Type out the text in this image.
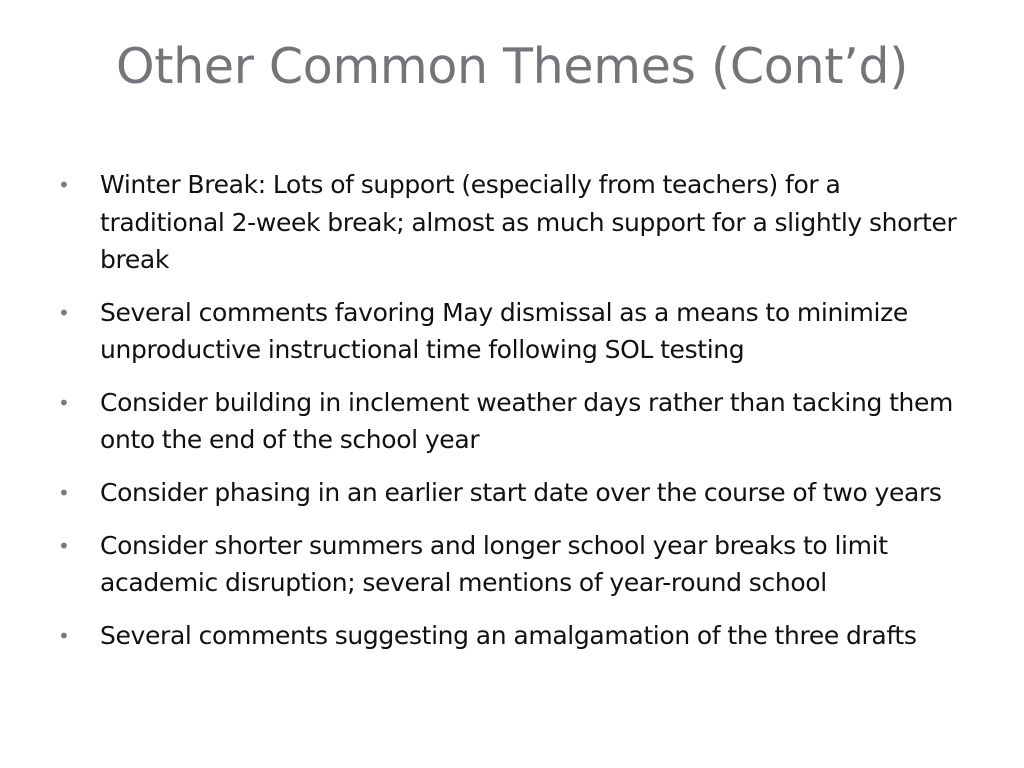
Other Common Themes (Cont’d)
•	Winter Break: Lots of support (especially from teachers) for a traditional 2-week break; almost as much support for a slightly shorter break
•	Several comments favoring May dismissal as a means to minimize unproductive instructional time following SOL testing
•	Consider building in inclement weather days rather than tacking them onto the end of the school year
•	Consider phasing in an earlier start date over the course of two years
•	Consider shorter summers and longer school year breaks to limit academic disruption; several mentions of year-round school
•	Several comments suggesting an amalgamation of the three drafts
